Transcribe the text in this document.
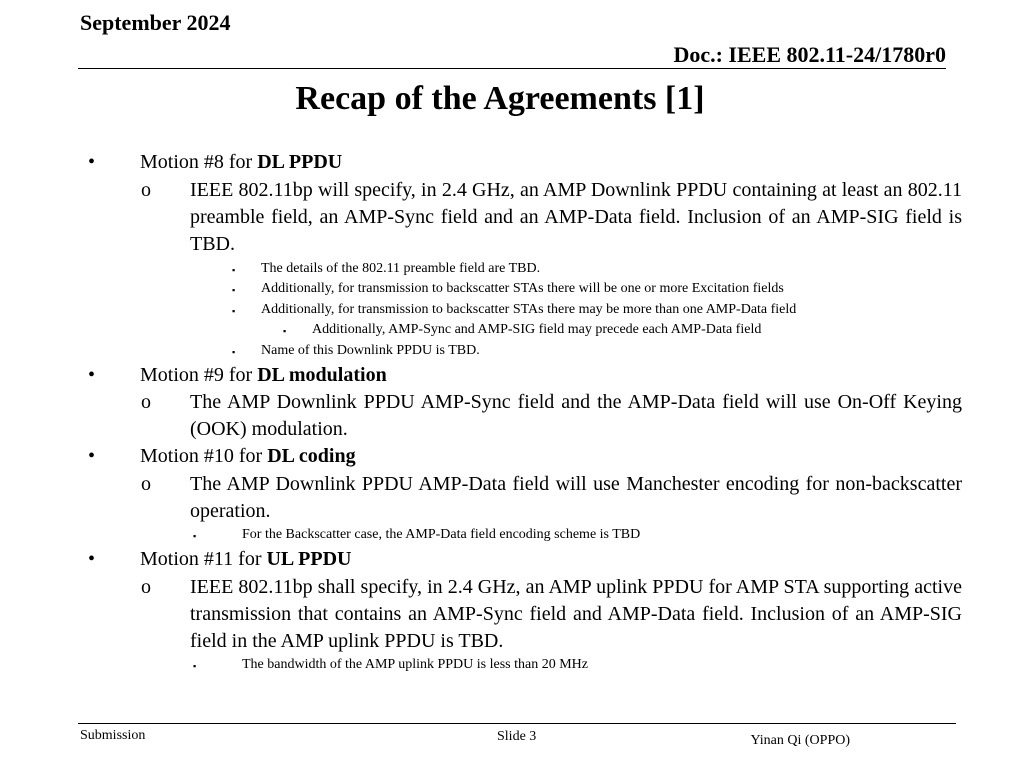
September 2024
Doc.: IEEE 802.11-24/1780r0
Recap of the Agreements [1]
• Motion #8 for DL PPDU
o IEEE 802.11bp will specify, in 2.4 GHz, an AMP Downlink PPDU containing at least an 802.11 preamble field, an AMP-Sync field and an AMP-Data field. Inclusion of an AMP-SIG field is TBD.
▪ The details of the 802.11 preamble field are TBD.
▪ Additionally, for transmission to backscatter STAs there will be one or more Excitation fields
▪ Additionally, for transmission to backscatter STAs there may be more than one AMP-Data field
▪ Additionally, AMP-Sync and AMP-SIG field may precede each AMP-Data field
▪ Name of this Downlink PPDU is TBD.
• Motion #9 for DL modulation
o The AMP Downlink PPDU AMP-Sync field and the AMP-Data field will use On-Off Keying (OOK) modulation.
• Motion #10 for DL coding
o The AMP Downlink PPDU AMP-Data field will use Manchester encoding for non-backscatter operation.
▪	For the Backscatter case, the AMP-Data field encoding scheme is TBD
• Motion #11 for UL PPDU
o IEEE 802.11bp shall specify, in 2.4 GHz, an AMP uplink PPDU for AMP STA supporting active transmission that contains an AMP-Sync field and AMP-Data field. Inclusion of an AMP-SIG field in the AMP uplink PPDU is TBD.
▪	The bandwidth of the AMP uplink PPDU is less than 20 MHz
Submission	Slide 3	Yinan Qi (OPPO)
